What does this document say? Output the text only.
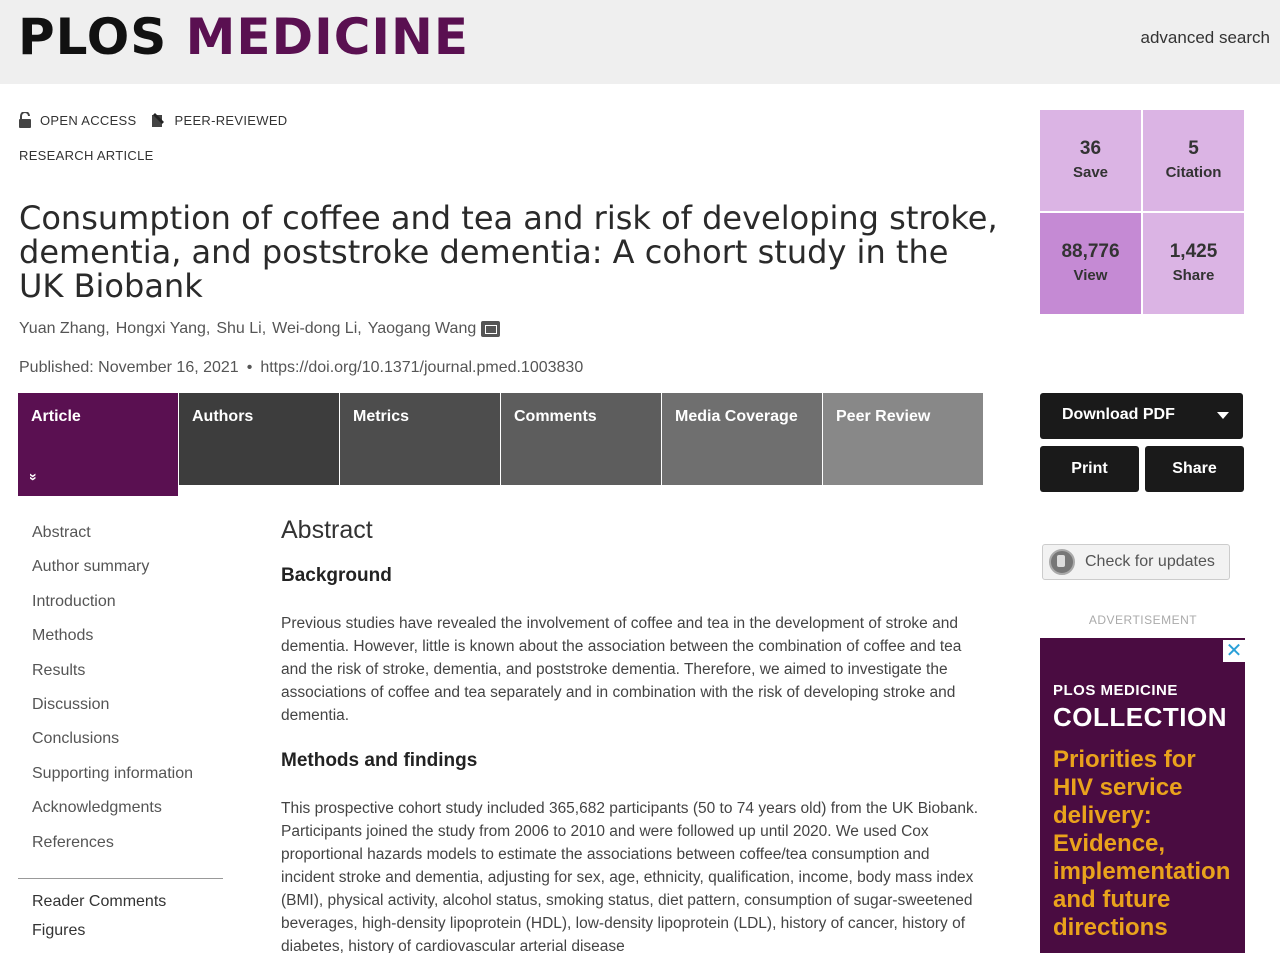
PLOS MEDICINE	advanced search
OPEN ACCESS	PEER-REVIEWED
RESEARCH ARTICLE
Consumption of coffee and tea and risk of developing stroke, dementia, and poststroke dementia: A cohort study in the UK Biobank
Yuan Zhang , Hongxi Yang , Shu Li , Wei-dong Li , Yaogang Wang
Published: November 16, 2021 • https://doi.org/10.1371/journal.pmed.1003830
Article
»
Authors	Metrics	Comments	Media Coverage	Peer Review
Abstract
Author summary
Introduction
Methods
Results
Discussion
Conclusions
Supporting information
Acknowledgments
References
Reader Comments
Figures
Abstract
Background

Previous studies have revealed the involvement of coffee and tea in the development of stroke and dementia. However, little is known about the association between the combination of coffee and tea and the risk of stroke, dementia, and poststroke dementia. Therefore, we aimed to investigate the associations of coffee and tea separately and in combination with the risk of developing stroke and dementia.

Methods and findings

This prospective cohort study included 365,682 participants (50 to 74 years old) from the UK Biobank. Participants joined the study from 2006 to 2010 and were followed up until 2020. We used Cox proportional hazards models to estimate the associations between coffee/tea consumption and incident stroke and dementia, adjusting for sex, age, ethnicity, qualification, income, body mass index (BMI), physical activity, alcohol status, smoking status, diet pattern, consumption of sugar-sweetened beverages, high-density lipoprotein (HDL), low-density lipoprotein (LDL), history of cancer, history of diabetes, history of cardiovascular arterial disease

36
Save
5
Citation
88,776
View
1,425
Share
Download PDF
Print	Share
Check for updates
ADVERTISEMENT
✕
PLOS MEDICINE
COLLECTION
Priorities for HIV service delivery: Evidence, implementation and future directions
